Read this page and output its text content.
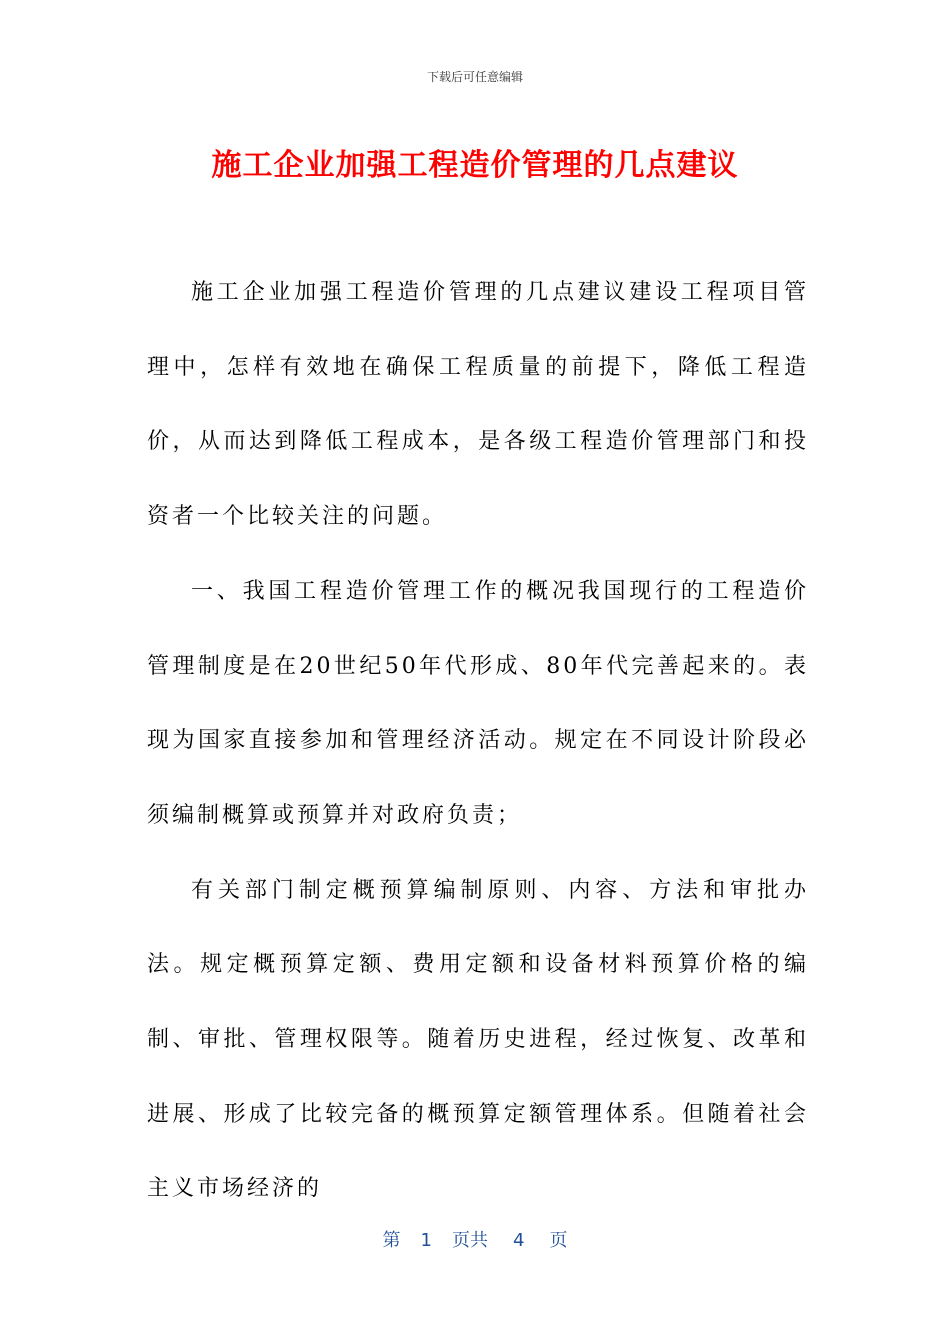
下载后可任意编辑
施工企业加强工程造价管理的几点建议

施工企业加强工程造价管理的几点建议建设工程项目管理中，怎样有效地在确保工程质量的前提下，降低工程造价，从而达到降低工程成本，是各级工程造价管理部门和投资者一个比较关注的问题。

一、我国工程造价管理工作的概况我国现行的工程造价管理制度是在20世纪50年代形成、80年代完善起来的。表现为国家直接参加和管理经济活动。规定在不同设计阶段必须编制概算或预算并对政府负责；

有关部门制定概预算编制原则、内容、方法和审批办法。规定概预算定额、费用定额和设备材料预算价格的编制、审批、管理权限等。随着历史进程，经过恢复、改革和进展、形成了比较完备的概预算定额管理体系。但随着社会主义市场经济的

第 1 页共 4 页
